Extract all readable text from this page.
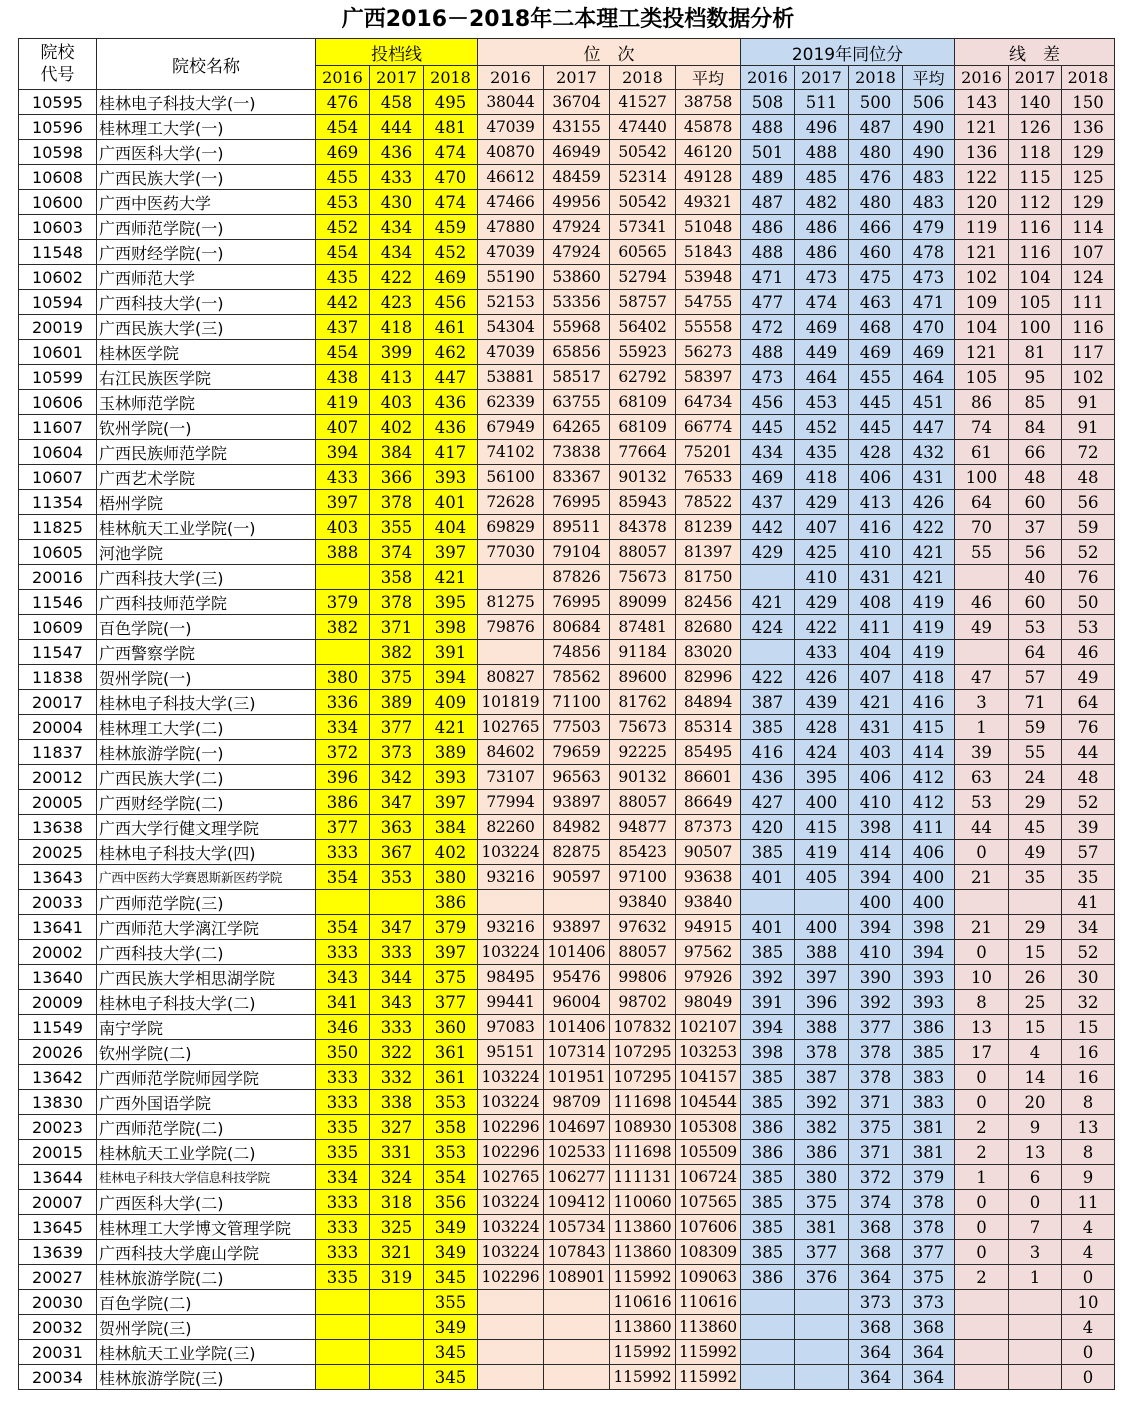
广西2016－2018年二本理工类投档数据分析
院校代号	院校名称	投档线			位　次				2019年同位分				线　差		
		2016	2017	2018	2016	2017	2018	平均	2016	2017	2018	平均	2016	2017	2018
10595	桂林电子科技大学(一)	476	458	495	38044	36704	41527	38758	508	511	500	506	143	140	150
10596	桂林理工大学(一)	454	444	481	47039	43155	47440	45878	488	496	487	490	121	126	136
10598	广西医科大学(一)	469	436	474	40870	46949	50542	46120	501	488	480	490	136	118	129
10608	广西民族大学(一)	455	433	470	46612	48459	52314	49128	489	485	476	483	122	115	125
10600	广西中医药大学	453	430	474	47466	49956	50542	49321	487	482	480	483	120	112	129
10603	广西师范学院(一)	452	434	459	47880	47924	57341	51048	486	486	466	479	119	116	114
11548	广西财经学院(一)	454	434	452	47039	47924	60565	51843	488	486	460	478	121	116	107
10602	广西师范大学	435	422	469	55190	53860	52794	53948	471	473	475	473	102	104	124
10594	广西科技大学(一)	442	423	456	52153	53356	58757	54755	477	474	463	471	109	105	111
20019	广西民族大学(三)	437	418	461	54304	55968	56402	55558	472	469	468	470	104	100	116
10601	桂林医学院	454	399	462	47039	65856	55923	56273	488	449	469	469	121	81	117
10599	右江民族医学院	438	413	447	53881	58517	62792	58397	473	464	455	464	105	95	102
10606	玉林师范学院	419	403	436	62339	63755	68109	64734	456	453	445	451	86	85	91
11607	钦州学院(一)	407	402	436	67949	64265	68109	66774	445	452	445	447	74	84	91
10604	广西民族师范学院	394	384	417	74102	73838	77664	75201	434	435	428	432	61	66	72
10607	广西艺术学院	433	366	393	56100	83367	90132	76533	469	418	406	431	100	48	48
11354	梧州学院	397	378	401	72628	76995	85943	78522	437	429	413	426	64	60	56
11825	桂林航天工业学院(一)	403	355	404	69829	89511	84378	81239	442	407	416	422	70	37	59
10605	河池学院	388	374	397	77030	79104	88057	81397	429	425	410	421	55	56	52
20016	广西科技大学(三)		358	421		87826	75673	81750		410	431	421		40	76
11546	广西科技师范学院	379	378	395	81275	76995	89099	82456	421	429	408	419	46	60	50
10609	百色学院(一)	382	371	398	79876	80684	87481	82680	424	422	411	419	49	53	53
11547	广西警察学院		382	391		74856	91184	83020		433	404	419		64	46
11838	贺州学院(一)	380	375	394	80827	78562	89600	82996	422	426	407	418	47	57	49
20017	桂林电子科技大学(三)	336	389	409	101819	71100	81762	84894	387	439	421	416	3	71	64
20004	桂林理工大学(二)	334	377	421	102765	77503	75673	85314	385	428	431	415	1	59	76
11837	桂林旅游学院(一)	372	373	389	84602	79659	92225	85495	416	424	403	414	39	55	44
20012	广西民族大学(二)	396	342	393	73107	96563	90132	86601	436	395	406	412	63	24	48
20005	广西财经学院(二)	386	347	397	77994	93897	88057	86649	427	400	410	412	53	29	52
13638	广西大学行健文理学院	377	363	384	82260	84982	94877	87373	420	415	398	411	44	45	39
20025	桂林电子科技大学(四)	333	367	402	103224	82875	85423	90507	385	419	414	406	0	49	57
13643	广西中医药大学赛恩斯新医药学院	354	353	380	93216	90597	97100	93638	401	405	394	400	21	35	35
20033	广西师范学院(三)			386			93840	93840			400	400			41
13641	广西师范大学漓江学院	354	347	379	93216	93897	97632	94915	401	400	394	398	21	29	34
20002	广西科技大学(二)	333	333	397	103224	101406	88057	97562	385	388	410	394	0	15	52
13640	广西民族大学相思湖学院	343	344	375	98495	95476	99806	97926	392	397	390	393	10	26	30
20009	桂林电子科技大学(二)	341	343	377	99441	96004	98702	98049	391	396	392	393	8	25	32
11549	南宁学院	346	333	360	97083	101406	107832	102107	394	388	377	386	13	15	15
20026	钦州学院(二)	350	322	361	95151	107314	107295	103253	398	378	378	385	17	4	16
13642	广西师范学院师园学院	333	332	361	103224	101951	107295	104157	385	387	378	383	0	14	16
13830	广西外国语学院	333	338	353	103224	98709	111698	104544	385	392	371	383	0	20	8
20023	广西师范学院(二)	335	327	358	102296	104697	108930	105308	386	382	375	381	2	9	13
20015	桂林航天工业学院(二)	335	331	353	102296	102533	111698	105509	386	386	371	381	2	13	8
13644	桂林电子科技大学信息科技学院	334	324	354	102765	106277	111131	106724	385	380	372	379	1	6	9
20007	广西医科大学(二)	333	318	356	103224	109412	110060	107565	385	375	374	378	0	0	11
13645	桂林理工大学博文管理学院	333	325	349	103224	105734	113860	107606	385	381	368	378	0	7	4
13639	广西科技大学鹿山学院	333	321	349	103224	107843	113860	108309	385	377	368	377	0	3	4
20027	桂林旅游学院(二)	335	319	345	102296	108901	115992	109063	386	376	364	375	2	1	0
20030	百色学院(二)			355			110616	110616			373	373			10
20032	贺州学院(三)			349			113860	113860			368	368			4
20031	桂林航天工业学院(三)			345			115992	115992			364	364			0
20034	桂林旅游学院(三)			345			115992	115992			364	364			0
